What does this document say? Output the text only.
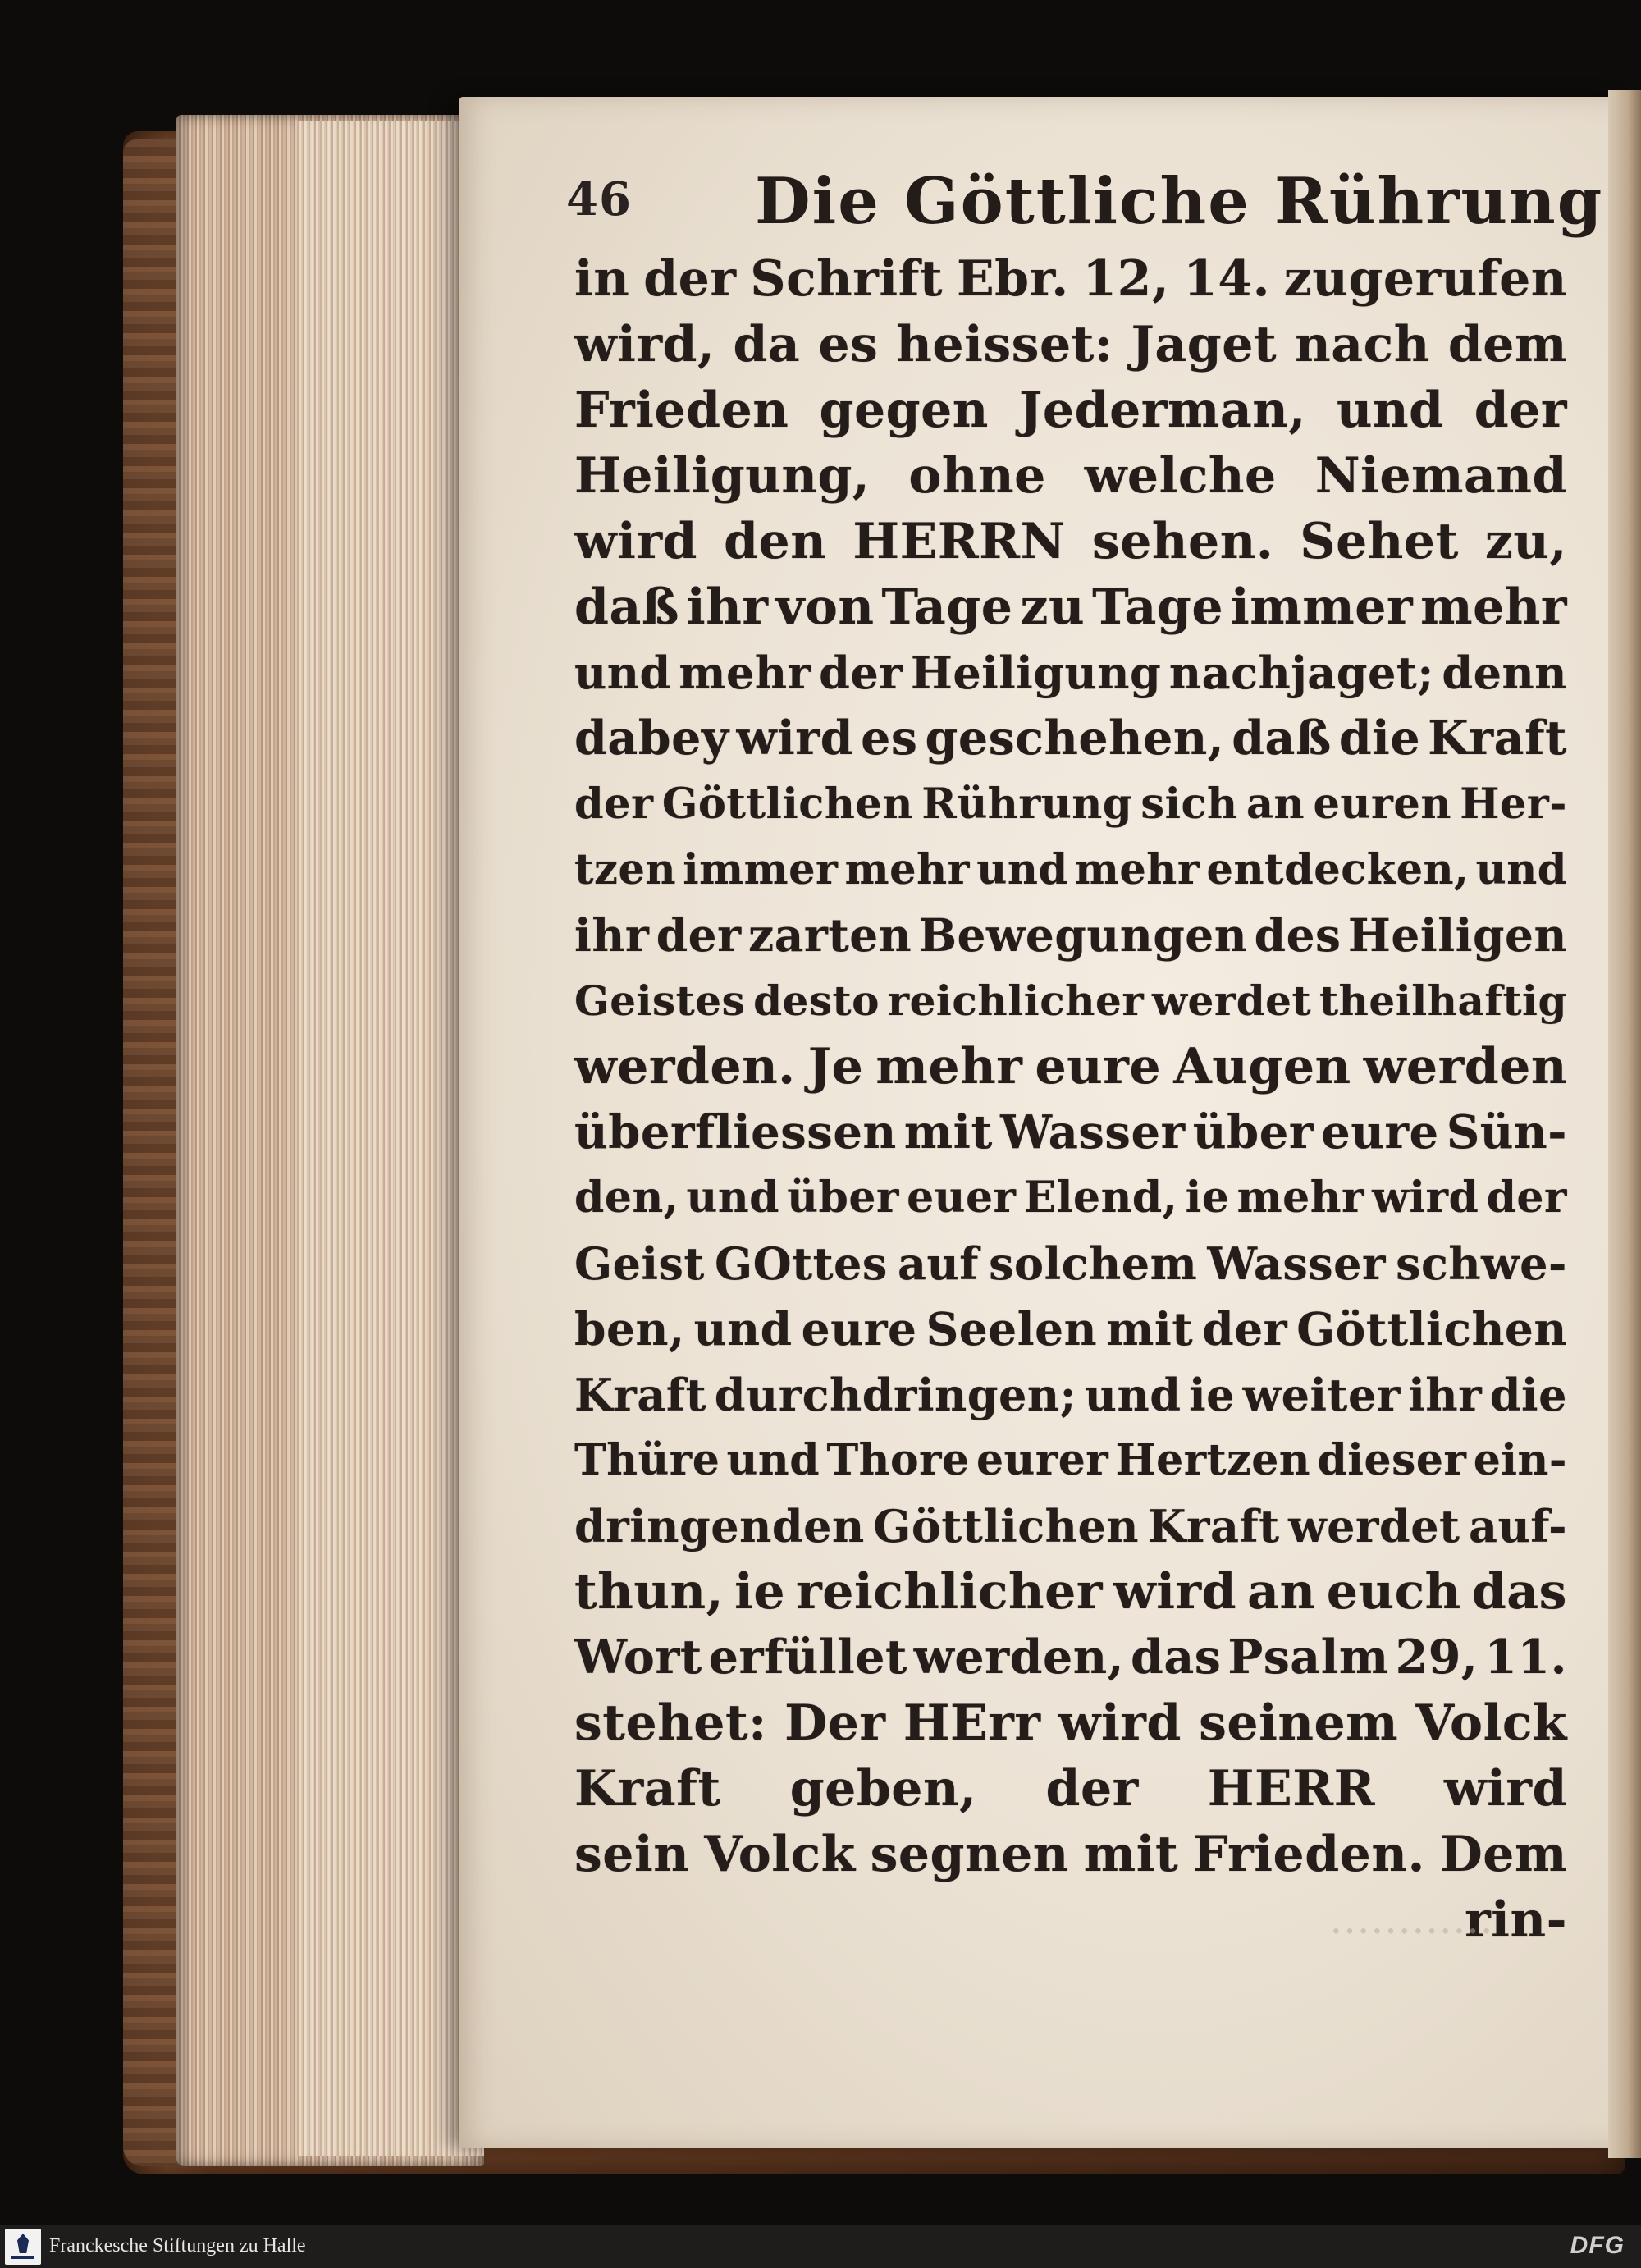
46 Die Göttliche Rührung
in der Schrift Ebr. 12, 14. zugerufen
wird, da es heisset: Jaget nach dem
Frieden gegen Jederman, und der
Heiligung, ohne welche Niemand
wird den HERRN sehen. Sehet zu,
daß ihr von Tage zu Tage immer mehr
und mehr der Heiligung nachjaget; denn
dabey wird es geschehen, daß die Kraft
der Göttlichen Rührung sich an euren Her-
tzen immer mehr und mehr entdecken, und
ihr der zarten Bewegungen des Heiligen
Geistes desto reichlicher werdet theilhaftig
werden. Je mehr eure Augen werden
überfliessen mit Wasser über eure Sün-
den, und über euer Elend, ie mehr wird der
Geist GOttes auf solchem Wasser schwe-
ben, und eure Seelen mit der Göttlichen
Kraft durchdringen; und ie weiter ihr die
Thüre und Thore eurer Hertzen dieser ein-
dringenden Göttlichen Kraft werdet auf-
thun, ie reichlicher wird an euch das
Wort erfüllet werden, das Psalm 29, 11.
stehet: Der HErr wird seinem Volck
Kraft geben, der HERR wird
sein Volck segnen mit Frieden. Dem
rin-
…………
Franckesche Stiftungen zu Halle	DFG
